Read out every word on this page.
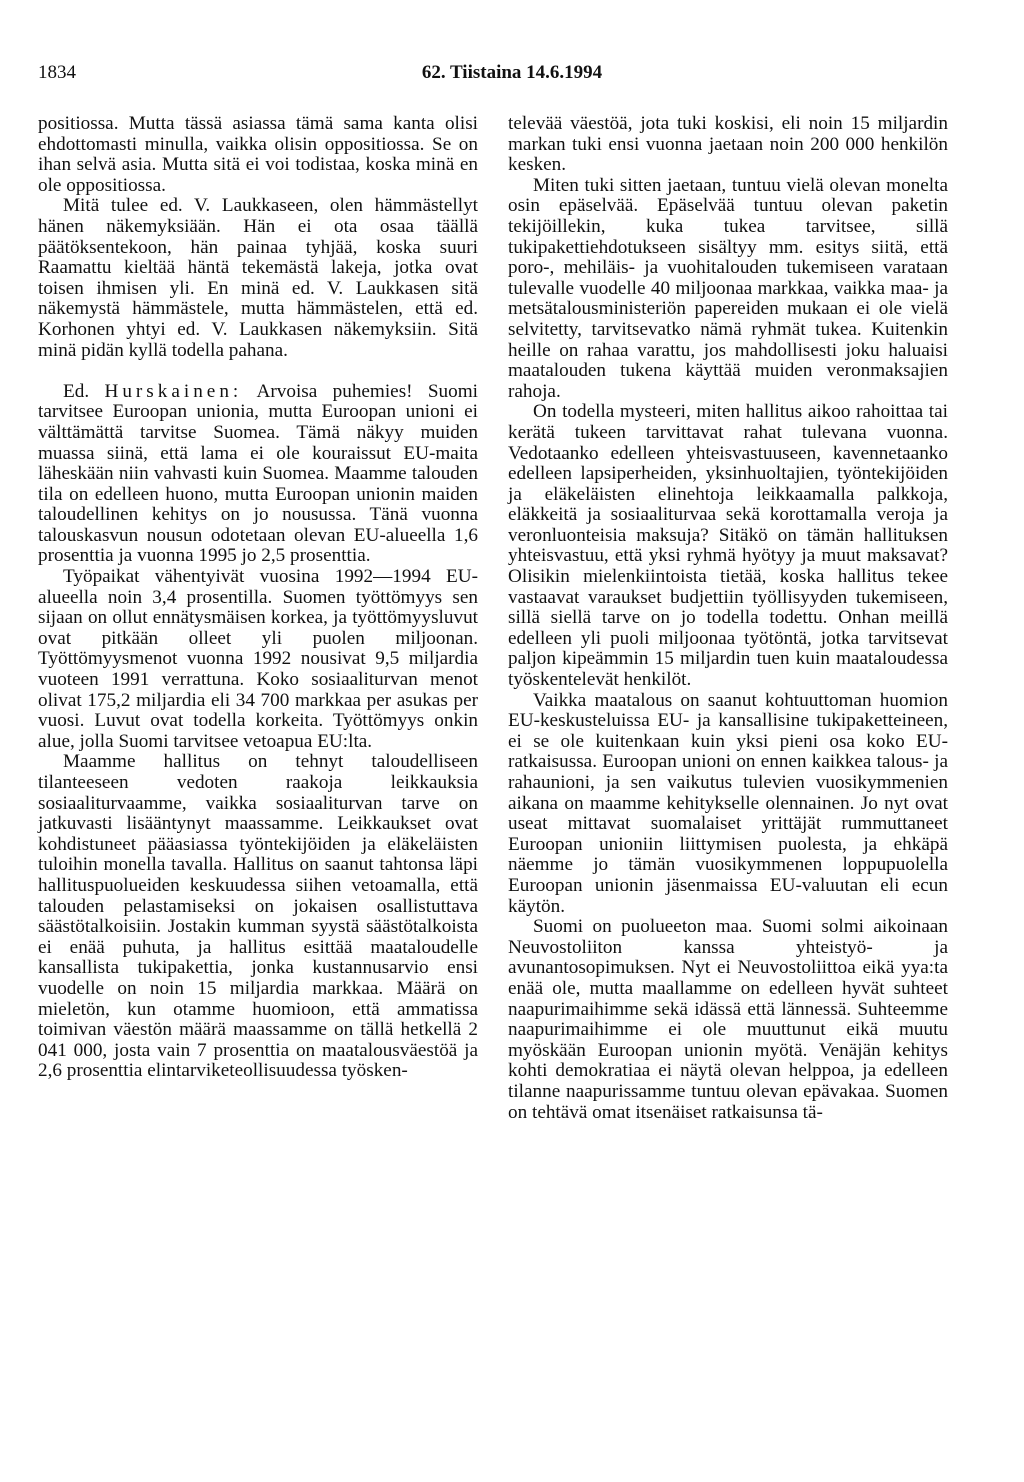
1834	62. Tiistaina 14.6.1994

positiossa. Mutta tässä asiassa tämä sama kanta olisi ehdottomasti minulla, vaikka olisin oppositiossa. Se on ihan selvä asia. Mutta sitä ei voi todistaa, koska minä en ole oppositiossa.

Mitä tulee ed. V. Laukkaseen, olen hämmästellyt hänen näkemyksiään. Hän ei ota osaa täällä päätöksentekoon, hän painaa tyhjää, koska suuri Raamattu kieltää häntä tekemästä lakeja, jotka ovat toisen ihmisen yli. En minä ed. V. Laukkasen sitä näkemystä hämmästele, mutta hämmästelen, että ed. Korhonen yhtyi ed. V. Laukkasen näkemyksiin. Sitä minä pidän kyllä todella pahana.

Ed. Hurskainen: Arvoisa puhemies! Suomi tarvitsee Euroopan unionia, mutta Euroopan unioni ei välttämättä tarvitse Suomea. Tämä näkyy muiden muassa siinä, että lama ei ole kouraissut EU-maita läheskään niin vahvasti kuin Suomea. Maamme talouden tila on edelleen huono, mutta Euroopan unionin maiden taloudellinen kehitys on jo nousussa. Tänä vuonna talouskasvun nousun odotetaan olevan EU-alueella 1,6 prosenttia ja vuonna 1995 jo 2,5 prosenttia.

Työpaikat vähentyivät vuosina 1992—1994 EU-alueella noin 3,4 prosentilla. Suomen työttömyys sen sijaan on ollut ennätysmäisen korkea, ja työttömyysluvut ovat pitkään olleet yli puolen miljoonan. Työttömyysmenot vuonna 1992 nousivat 9,5 miljardia vuoteen 1991 verrattuna. Koko sosiaaliturvan menot olivat 175,2 miljardia eli 34 700 markkaa per asukas per vuosi. Luvut ovat todella korkeita. Työttömyys onkin alue, jolla Suomi tarvitsee vetoapua EU:lta.

Maamme hallitus on tehnyt taloudelliseen tilanteeseen vedoten raakoja leikkauksia sosiaaliturvaamme, vaikka sosiaaliturvan tarve on jatkuvasti lisääntynyt maassamme. Leikkaukset ovat kohdistuneet pääasiassa työntekijöiden ja eläkeläisten tuloihin monella tavalla. Hallitus on saanut tahtonsa läpi hallituspuolueiden keskuudessa siihen vetoamalla, että talouden pelastamiseksi on jokaisen osallistuttava säästötalkoisiin. Jostakin kumman syystä säästötalkoista ei enää puhuta, ja hallitus esittää maataloudelle kansallista tukipakettia, jonka kustannusarvio ensi vuodelle on noin 15 miljardia markkaa. Määrä on mieletön, kun otamme huomioon, että ammatissa toimivan väestön määrä maassamme on tällä hetkellä 2 041 000, josta vain 7 prosenttia on maatalousväestöä ja 2,6 prosenttia elintarviketeollisuudessa työsken-

televää väestöä, jota tuki koskisi, eli noin 15 miljardin markan tuki ensi vuonna jaetaan noin 200 000 henkilön kesken.

Miten tuki sitten jaetaan, tuntuu vielä olevan monelta osin epäselvää. Epäselvää tuntuu olevan paketin tekijöillekin, kuka tukea tarvitsee, sillä tukipakettiehdotukseen sisältyy mm. esitys siitä, että poro-, mehiläis- ja vuohitalouden tukemiseen varataan tulevalle vuodelle 40 miljoonaa markkaa, vaikka maa- ja metsätalousministeriön papereiden mukaan ei ole vielä selvitetty, tarvitsevatko nämä ryhmät tukea. Kuitenkin heille on rahaa varattu, jos mahdollisesti joku haluaisi maatalouden tukena käyttää muiden veronmaksajien rahoja.

On todella mysteeri, miten hallitus aikoo rahoittaa tai kerätä tukeen tarvittavat rahat tulevana vuonna. Vedotaanko edelleen yhteisvastuuseen, kavennetaanko edelleen lapsiperheiden, yksinhuoltajien, työntekijöiden ja eläkeläisten elinehtoja leikkaamalla palkkoja, eläkkeitä ja sosiaaliturvaa sekä korottamalla veroja ja veronluonteisia maksuja? Sitäkö on tämän hallituksen yhteisvastuu, että yksi ryhmä hyötyy ja muut maksavat? Olisikin mielenkiintoista tietää, koska hallitus tekee vastaavat varaukset budjettiin työllisyyden tukemiseen, sillä siellä tarve on jo todella todettu. Onhan meillä edelleen yli puoli miljoonaa työtöntä, jotka tarvitsevat paljon kipeämmin 15 miljardin tuen kuin maataloudessa työskentelevät henkilöt.

Vaikka maatalous on saanut kohtuuttoman huomion EU-keskusteluissa EU- ja kansallisine tukipaketteineen, ei se ole kuitenkaan kuin yksi pieni osa koko EU-ratkaisussa. Euroopan unioni on ennen kaikkea talous- ja rahaunioni, ja sen vaikutus tulevien vuosikymmenien aikana on maamme kehitykselle olennainen. Jo nyt ovat useat mittavat suomalaiset yrittäjät rummuttaneet Euroopan unioniin liittymisen puolesta, ja ehkäpä näemme jo tämän vuosikymmenen loppupuolella Euroopan unionin jäsenmaissa EU-valuutan eli ecun käytön.

Suomi on puolueeton maa. Suomi solmi aikoinaan Neuvostoliiton kanssa yhteistyö- ja avunantosopimuksen. Nyt ei Neuvostoliittoa eikä yya:ta enää ole, mutta maallamme on edelleen hyvät suhteet naapurimaihimme sekä idässä että lännessä. Suhteemme naapurimaihimme ei ole muuttunut eikä muutu myöskään Euroopan unionin myötä. Venäjän kehitys kohti demokratiaa ei näytä olevan helppoa, ja edelleen tilanne naapurissamme tuntuu olevan epävakaa. Suomen on tehtävä omat itsenäiset ratkaisunsa tä-
